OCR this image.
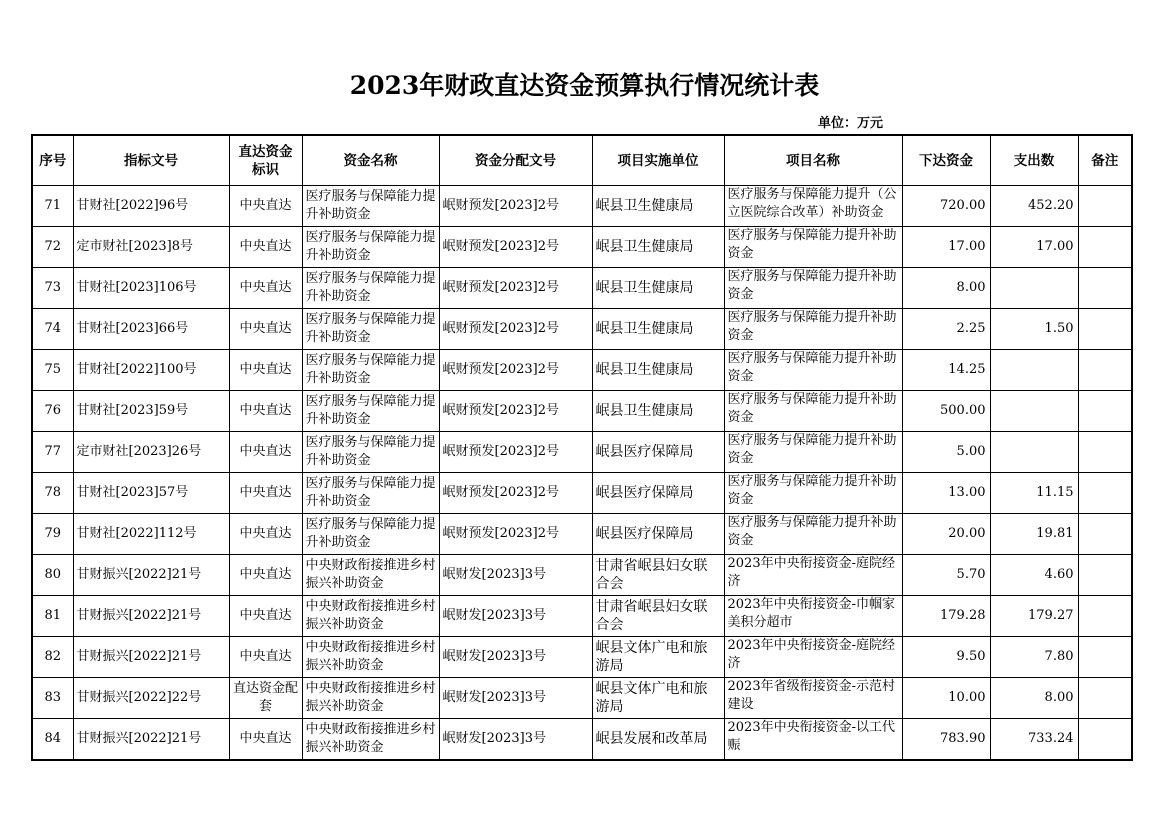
2023年财政直达资金预算执行情况统计表
单位：万元
序号	指标文号	直达资金标识	资金名称	资金分配文号	项目实施单位	项目名称	下达资金	支出数	备注
71	甘财社[2022]96号	中央直达	医疗服务与保障能力提升补助资金	岷财预发[2023]2号	岷县卫生健康局	医疗服务与保障能力提升（公立医院综合改革）补助资金	720.00	452.20	
72	定市财社[2023]8号	中央直达	医疗服务与保障能力提升补助资金	岷财预发[2023]2号	岷县卫生健康局	医疗服务与保障能力提升补助资金	17.00	17.00	
73	甘财社[2023]106号	中央直达	医疗服务与保障能力提升补助资金	岷财预发[2023]2号	岷县卫生健康局	医疗服务与保障能力提升补助资金	8.00		
74	甘财社[2023]66号	中央直达	医疗服务与保障能力提升补助资金	岷财预发[2023]2号	岷县卫生健康局	医疗服务与保障能力提升补助资金	2.25	1.50	
75	甘财社[2022]100号	中央直达	医疗服务与保障能力提升补助资金	岷财预发[2023]2号	岷县卫生健康局	医疗服务与保障能力提升补助资金	14.25		
76	甘财社[2023]59号	中央直达	医疗服务与保障能力提升补助资金	岷财预发[2023]2号	岷县卫生健康局	医疗服务与保障能力提升补助资金	500.00		
77	定市财社[2023]26号	中央直达	医疗服务与保障能力提升补助资金	岷财预发[2023]2号	岷县医疗保障局	医疗服务与保障能力提升补助资金	5.00		
78	甘财社[2023]57号	中央直达	医疗服务与保障能力提升补助资金	岷财预发[2023]2号	岷县医疗保障局	医疗服务与保障能力提升补助资金	13.00	11.15	
79	甘财社[2022]112号	中央直达	医疗服务与保障能力提升补助资金	岷财预发[2023]2号	岷县医疗保障局	医疗服务与保障能力提升补助资金	20.00	19.81	
80	甘财振兴[2022]21号	中央直达	中央财政衔接推进乡村振兴补助资金	岷财发[2023]3号	甘肃省岷县妇女联合会	2023年中央衔接资金-庭院经济	5.70	4.60	
81	甘财振兴[2022]21号	中央直达	中央财政衔接推进乡村振兴补助资金	岷财发[2023]3号	甘肃省岷县妇女联合会	2023年中央衔接资金-巾帼家美积分超市	179.28	179.27	
82	甘财振兴[2022]21号	中央直达	中央财政衔接推进乡村振兴补助资金	岷财发[2023]3号	岷县文体广电和旅游局	2023年中央衔接资金-庭院经济	9.50	7.80	
83	甘财振兴[2022]22号	直达资金配套	中央财政衔接推进乡村振兴补助资金	岷财发[2023]3号	岷县文体广电和旅游局	2023年省级衔接资金-示范村建设	10.00	8.00	
84	甘财振兴[2022]21号	中央直达	中央财政衔接推进乡村振兴补助资金	岷财发[2023]3号	岷县发展和改革局	2023年中央衔接资金-以工代赈	783.90	733.24	
